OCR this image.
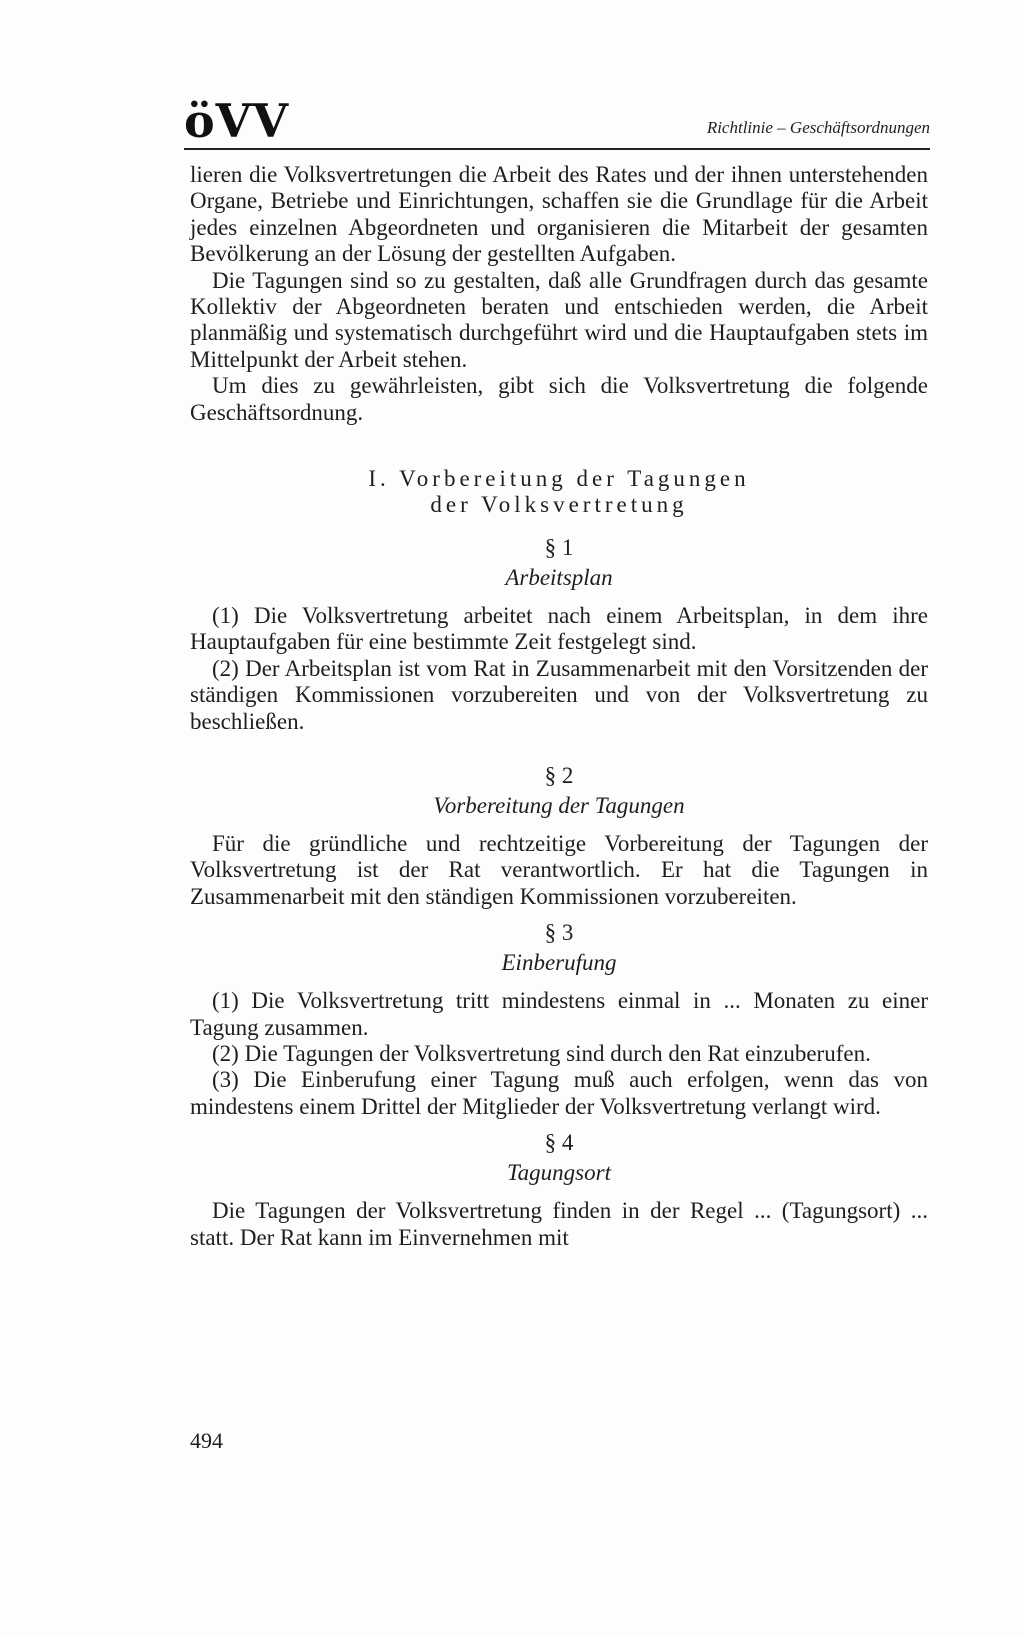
öVV	Richtlinie – Geschäftsordnungen

lieren die Volksvertretungen die Arbeit des Rates und der ihnen unterstehenden Organe, Betriebe und Einrichtungen, schaffen sie die Grundlage für die Arbeit jedes einzelnen Abgeordneten und organisieren die Mitarbeit der gesamten Bevölkerung an der Lösung der gestellten Aufgaben.

Die Tagungen sind so zu gestalten, daß alle Grundfragen durch das gesamte Kollektiv der Abgeordneten beraten und entschieden werden, die Arbeit planmäßig und systematisch durchgeführt wird und die Hauptaufgaben stets im Mittelpunkt der Arbeit stehen.

Um dies zu gewährleisten, gibt sich die Volksvertretung die folgende Geschäftsordnung.

I. Vorbereitung der Tagungen
der Volksvertretung
§ 1
Arbeitsplan

(1) Die Volksvertretung arbeitet nach einem Arbeitsplan, in dem ihre Hauptaufgaben für eine bestimmte Zeit festgelegt sind.

(2) Der Arbeitsplan ist vom Rat in Zusammenarbeit mit den Vorsitzenden der ständigen Kommissionen vorzubereiten und von der Volksvertretung zu beschließen.

§ 2
Vorbereitung der Tagungen

Für die gründliche und rechtzeitige Vorbereitung der Tagungen der Volksvertretung ist der Rat verantwortlich. Er hat die Tagungen in Zusammenarbeit mit den ständigen Kommissionen vorzubereiten.

§ 3
Einberufung

(1) Die Volksvertretung tritt mindestens einmal in ... Monaten zu einer Tagung zusammen.

(2) Die Tagungen der Volksvertretung sind durch den Rat einzuberufen.

(3) Die Einberufung einer Tagung muß auch erfolgen, wenn das von mindestens einem Drittel der Mitglieder der Volksvertretung verlangt wird.

§ 4
Tagungsort

Die Tagungen der Volksvertretung finden in der Regel ... (Tagungsort) ... statt. Der Rat kann im Einvernehmen mit

494
